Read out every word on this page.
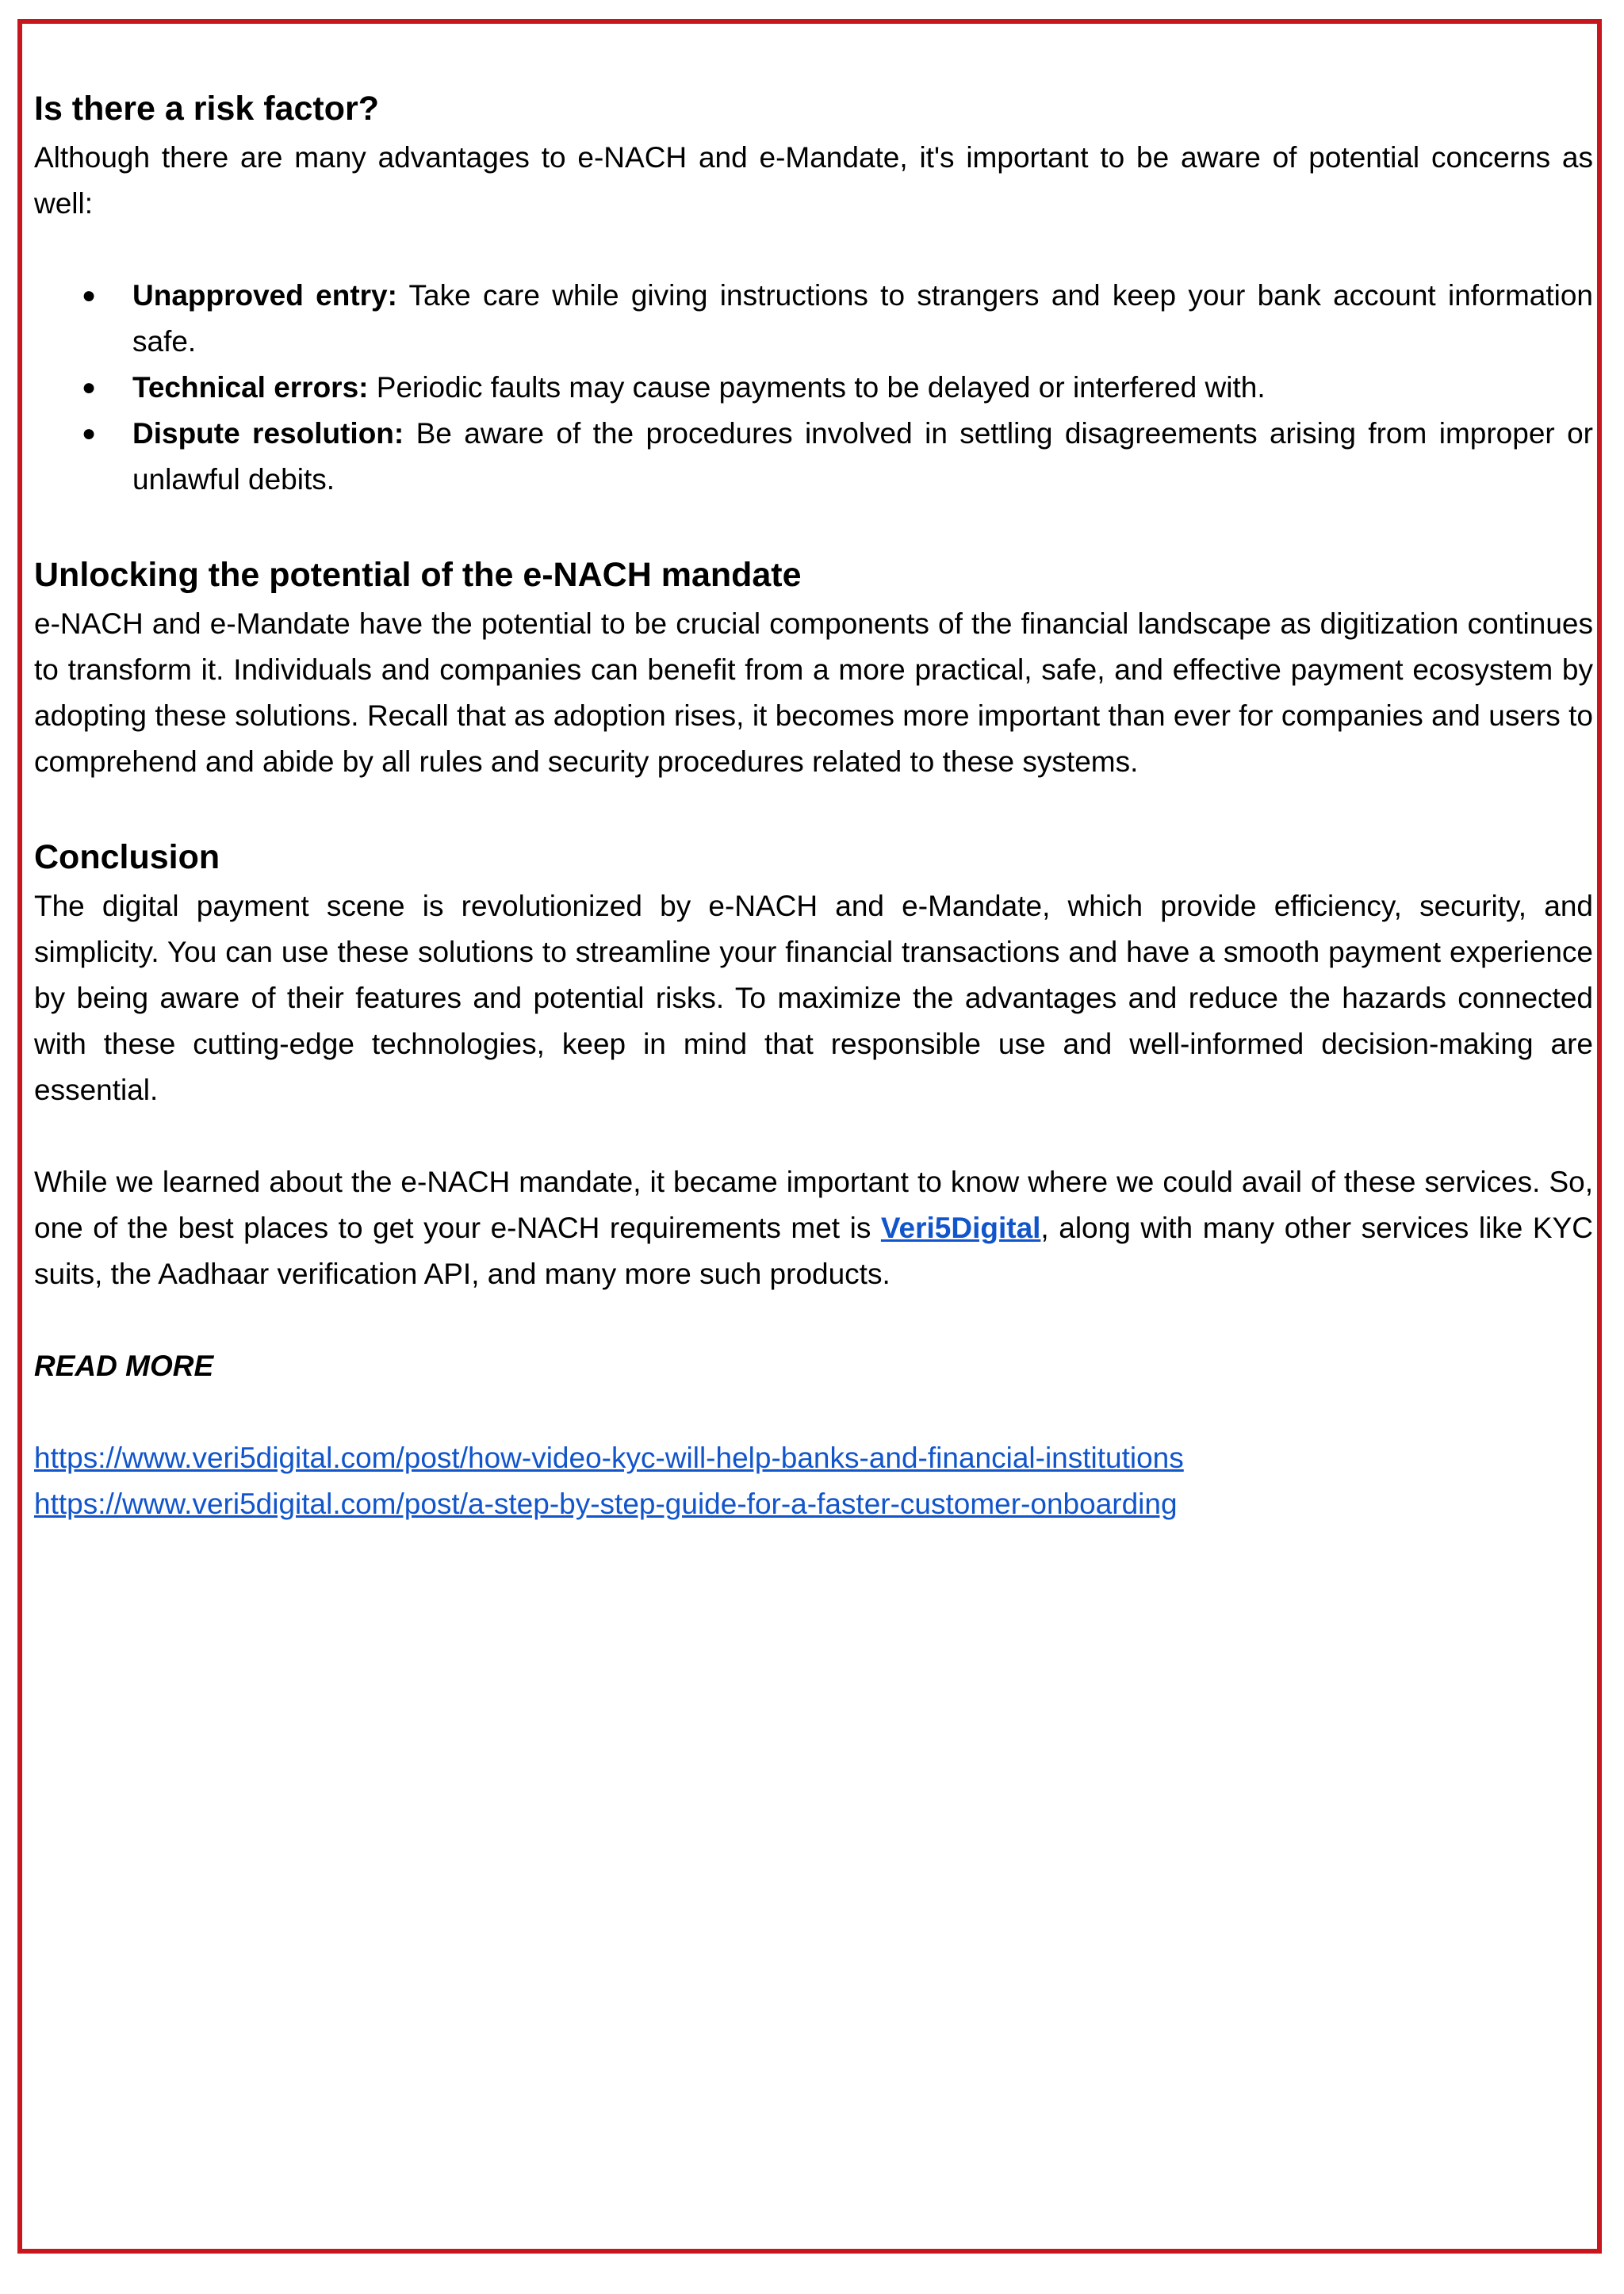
Is there a risk factor?

Although there are many advantages to e-NACH and e-Mandate, it's important to be aware of potential concerns as well:

● Unapproved entry: Take care while giving instructions to strangers and keep your bank account information safe.
● Technical errors: Periodic faults may cause payments to be delayed or interfered with.
● Dispute resolution: Be aware of the procedures involved in settling disagreements arising from improper or unlawful debits.
Unlocking the potential of the e-NACH mandate

e-NACH and e-Mandate have the potential to be crucial components of the financial landscape as digitization continues to transform it. Individuals and companies can benefit from a more practical, safe, and effective payment ecosystem by adopting these solutions. Recall that as adoption rises, it becomes more important than ever for companies and users to comprehend and abide by all rules and security procedures related to these systems.

Conclusion

The digital payment scene is revolutionized by e-NACH and e-Mandate, which provide efficiency, security, and simplicity. You can use these solutions to streamline your financial transactions and have a smooth payment experience by being aware of their features and potential risks. To maximize the advantages and reduce the hazards connected with these cutting-edge technologies, keep in mind that responsible use and well-informed decision-making are essential.

While we learned about the e-NACH mandate, it became important to know where we could avail of these services. So, one of the best places to get your e-NACH requirements met is Veri5Digital, along with many other services like KYC suits, the Aadhaar verification API, and many more such products.

READ MORE

https://www.veri5digital.com/post/how-video-kyc-will-help-banks-and-financial-institutions

https://www.veri5digital.com/post/a-step-by-step-guide-for-a-faster-customer-onboarding
